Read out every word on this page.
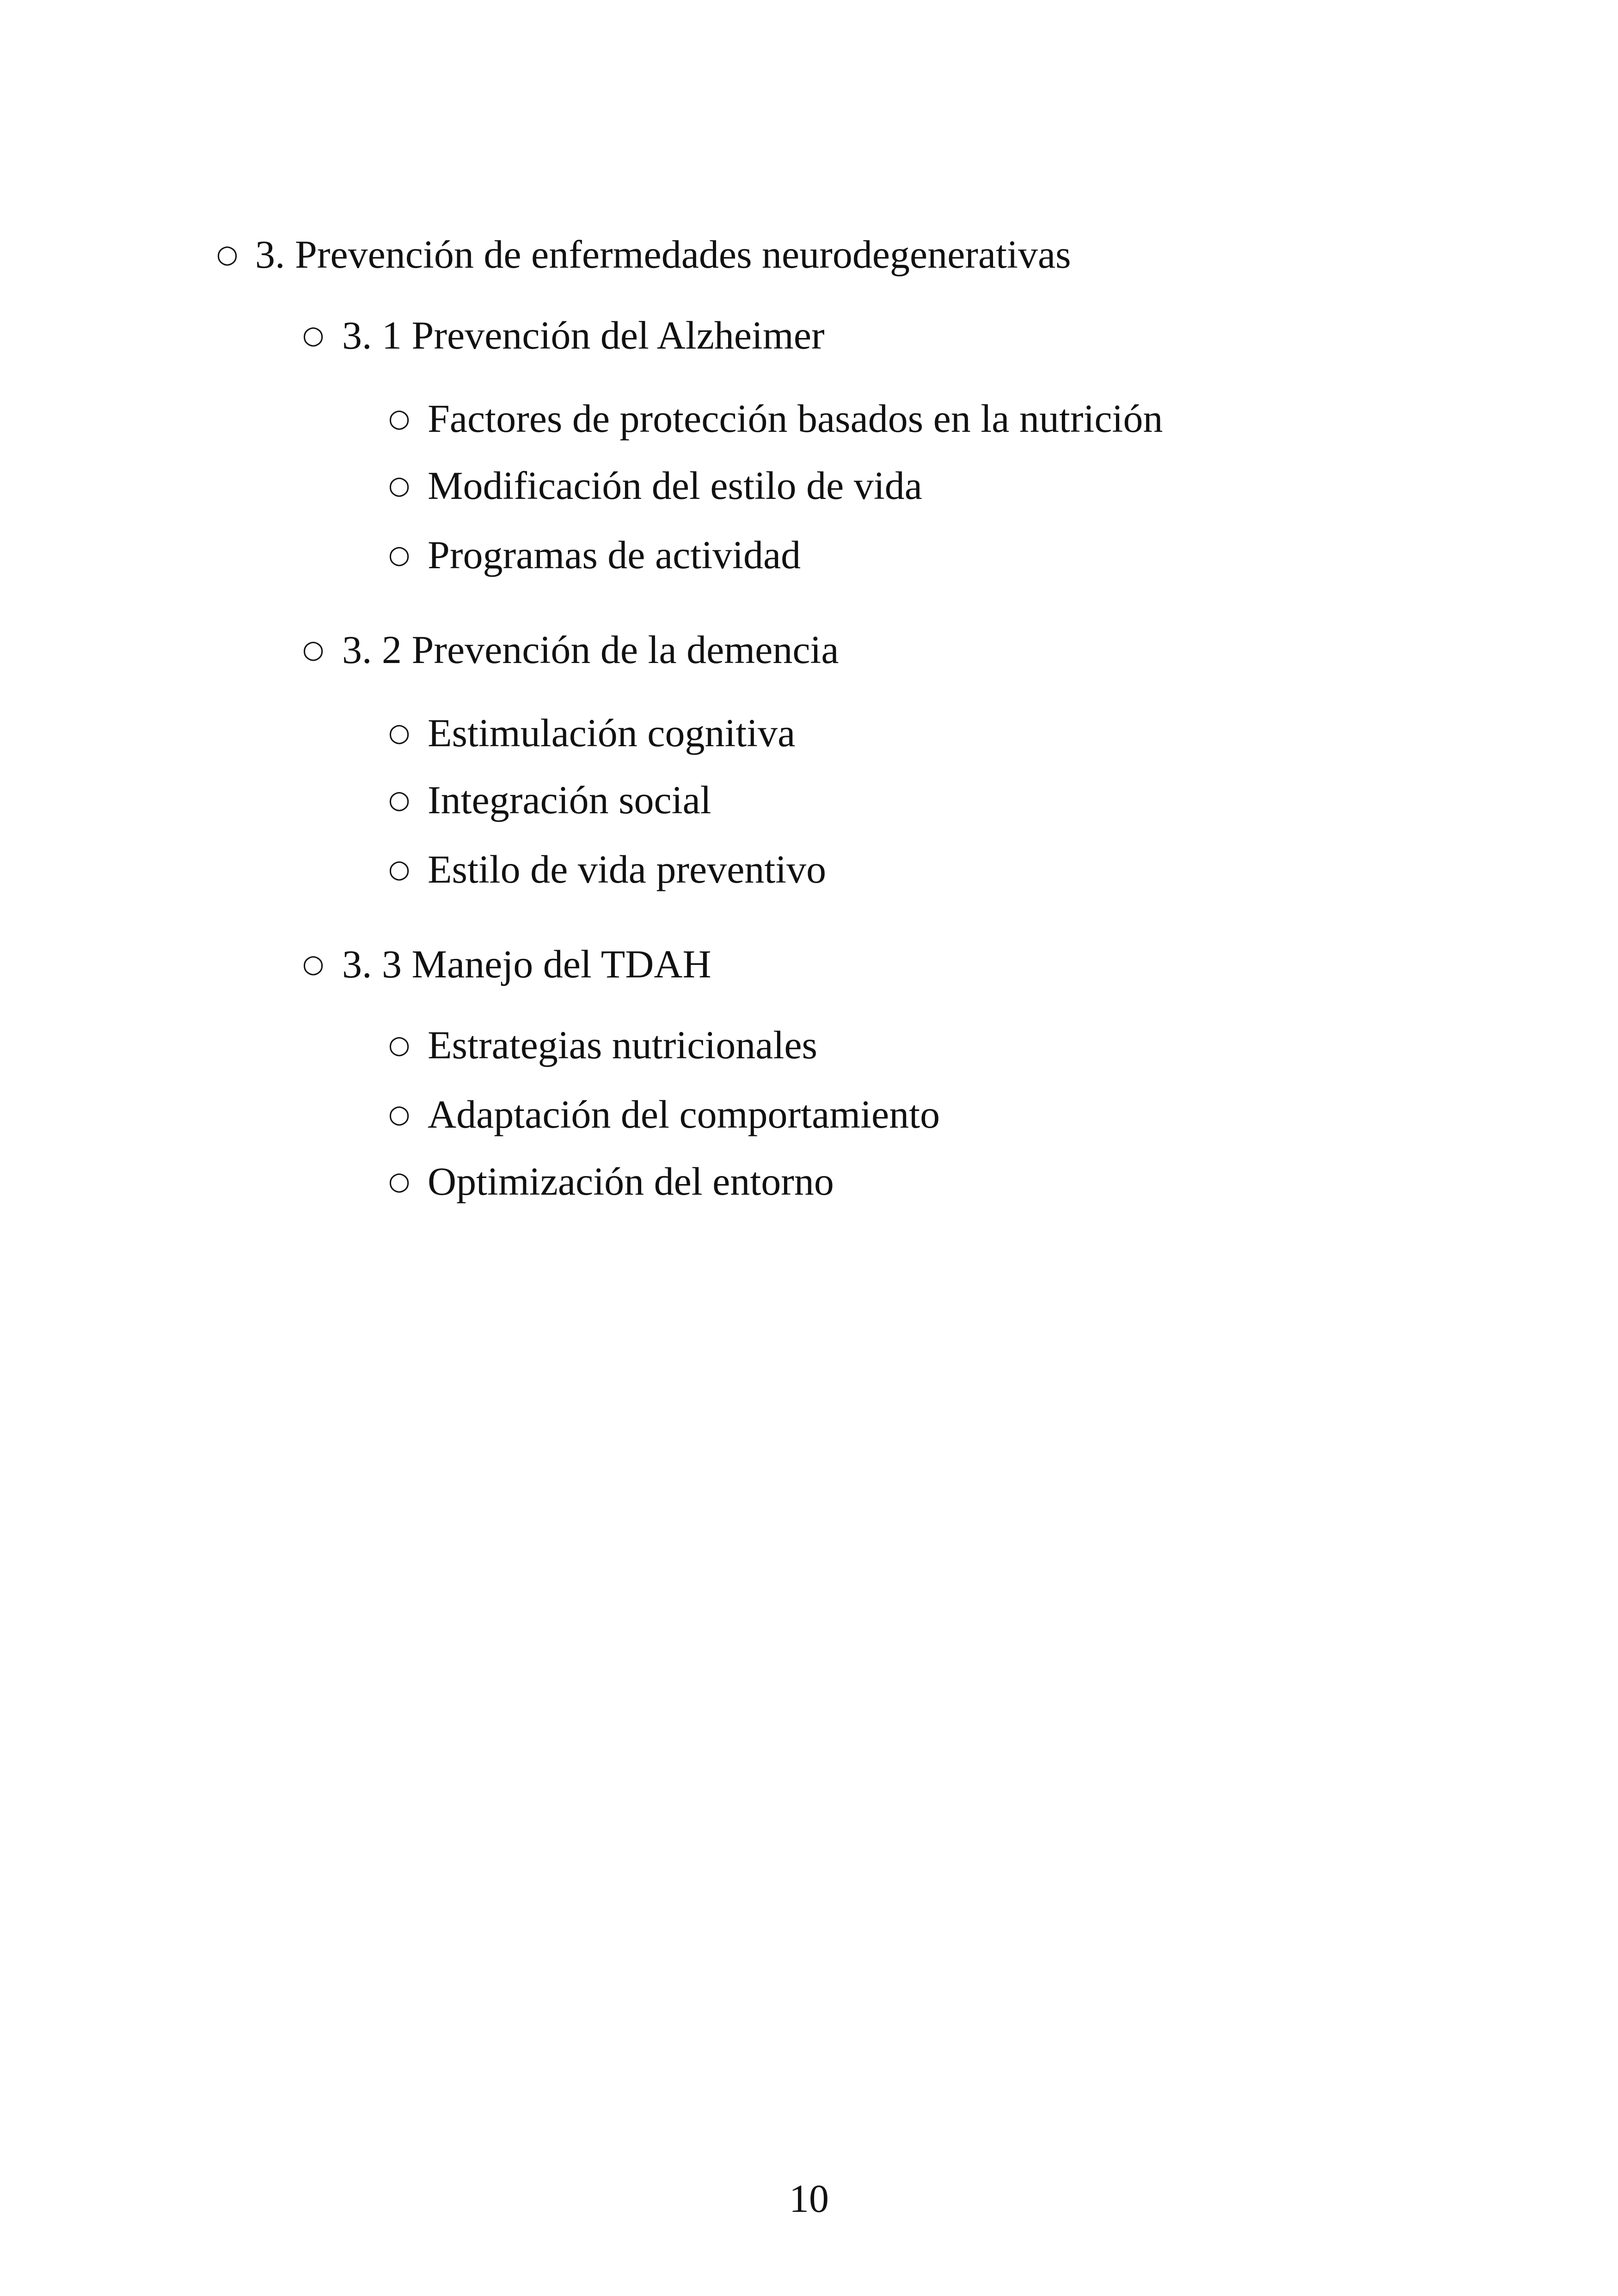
○ 3. Prevención de enfermedades neurodegenerativas
○ 3. 1 Prevención del Alzheimer
○ Factores de protección basados en la nutrición
○ Modificación del estilo de vida
○ Programas de actividad
○ 3. 2 Prevención de la demencia
○ Estimulación cognitiva
○ Integración social
○ Estilo de vida preventivo
○ 3. 3 Manejo del TDAH
○ Estrategias nutricionales
○ Adaptación del comportamiento
○ Optimización del entorno
10
